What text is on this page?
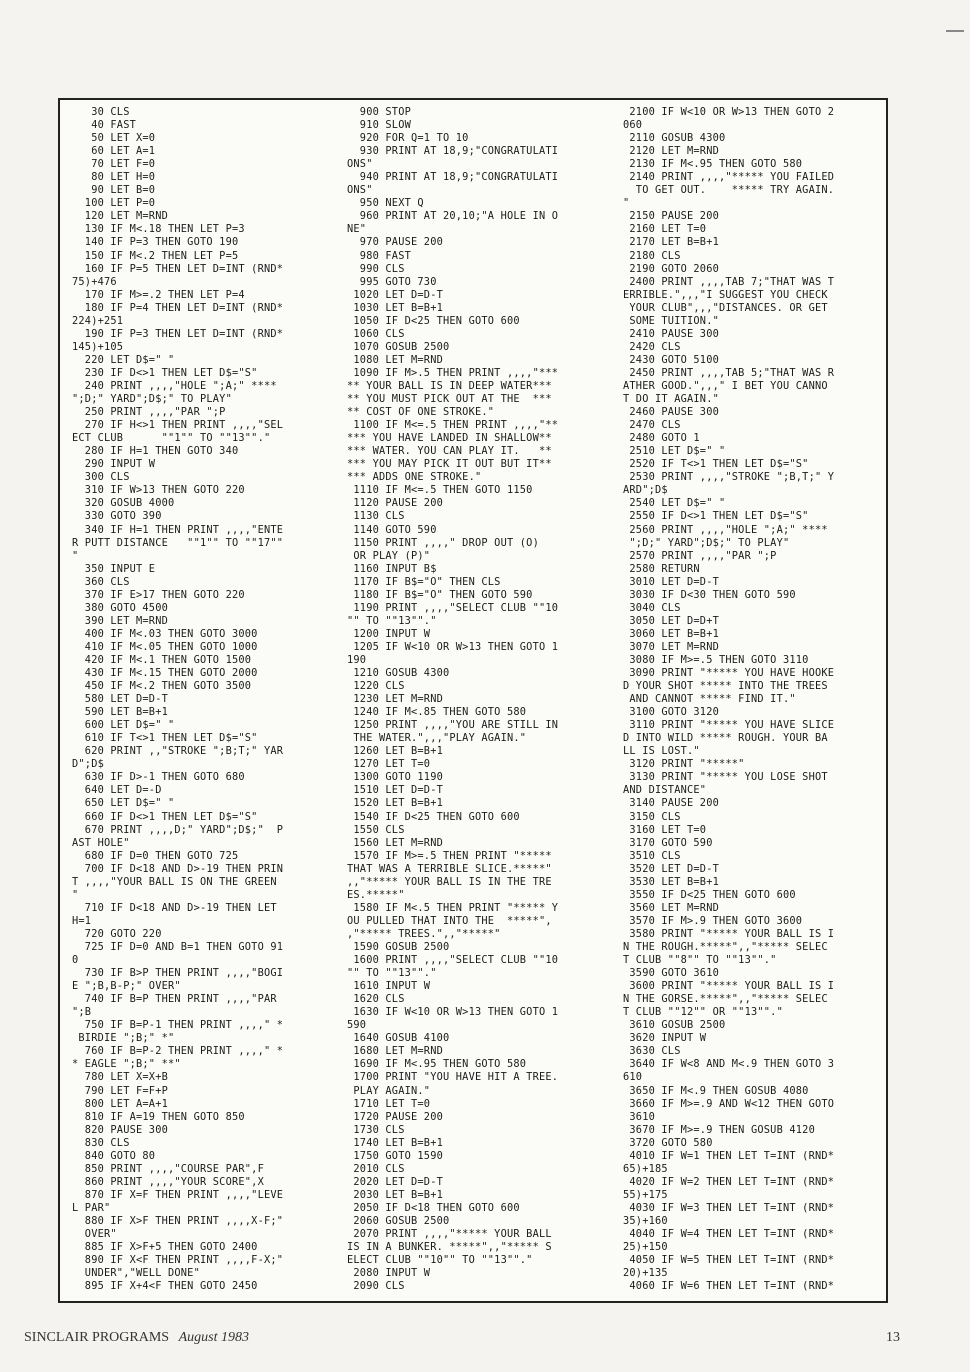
30 CLS
40 FAST
50 LET X=0
60 LET A=1
70 LET F=0
80 LET H=0
90 LET B=0
100 LET P=0
120 LET M=RND
130 IF M<.18 THEN LET P=3
140 IF P=3 THEN GOTO 190
150 IF M<.2 THEN LET P=5
160 IF P=5 THEN LET D=INT (RND*
75)+476
170 IF M>=.2 THEN LET P=4
180 IF P=4 THEN LET D=INT (RND*
224)+251
190 IF P=3 THEN LET D=INT (RND*
145)+105
220 LET D$=" "
230 IF D<>1 THEN LET D$="S"
240 PRINT ,,,,"HOLE ";A;" ****
";D;" YARD";D$;" TO PLAY"
250 PRINT ,,,,"PAR ";P
270 IF H<>1 THEN PRINT ,,,,"SEL
ECT CLUB      ""1"" TO ""13""."
280 IF H=1 THEN GOTO 340
290 INPUT W
300 CLS
310 IF W>13 THEN GOTO 220
320 GOSUB 4000
330 GOTO 390
340 IF H=1 THEN PRINT ,,,,"ENTE
R PUTT DISTANCE   ""1"" TO ""17""
"
350 INPUT E
360 CLS
370 IF E>17 THEN GOTO 220
380 GOTO 4500
390 LET M=RND
400 IF M<.03 THEN GOTO 3000
410 IF M<.05 THEN GOTO 1000
420 IF M<.1 THEN GOTO 1500
430 IF M<.15 THEN GOTO 2000
450 IF M<.2 THEN GOTO 3500
580 LET D=D-T
590 LET B=B+1
600 LET D$=" "
610 IF T<>1 THEN LET D$="S"
620 PRINT ,,"STROKE ";B;T;" YAR
D";D$
630 IF D>-1 THEN GOTO 680
640 LET D=-D
650 LET D$=" "
660 IF D<>1 THEN LET D$="S"
670 PRINT ,,,,D;" YARD";D$;"  P
AST HOLE"
680 IF D=0 THEN GOTO 725
700 IF D<18 AND D>-19 THEN PRIN
T ,,,,"YOUR BALL IS ON THE GREEN
"
710 IF D<18 AND D>-19 THEN LET
H=1
720 GOTO 220
725 IF D=0 AND B=1 THEN GOTO 91
0
730 IF B>P THEN PRINT ,,,,"BOGI
E ";B,B-P;" OVER"
740 IF B=P THEN PRINT ,,,,"PAR
";B
750 IF B=P-1 THEN PRINT ,,,," *
BIRDIE ";B;" *"
760 IF B=P-2 THEN PRINT ,,,," *
* EAGLE ";B;" **"
780 LET X=X+B
790 LET F=F+P
800 LET A=A+1
810 IF A=19 THEN GOTO 850
820 PAUSE 300
830 CLS
840 GOTO 80
850 PRINT ,,,,"COURSE PAR",F
860 PRINT ,,,,"YOUR SCORE",X
870 IF X=F THEN PRINT ,,,,"LEVE
L PAR"
880 IF X>F THEN PRINT ,,,,X-F;"
OVER"
885 IF X>F+5 THEN GOTO 2400
890 IF X<F THEN PRINT ,,,,F-X;"
UNDER","WELL DONE"
895 IF X+4<F THEN GOTO 2450
900 STOP
910 SLOW
920 FOR Q=1 TO 10
930 PRINT AT 18,9;"CONGRATULATI
ONS"
940 PRINT AT 18,9;"CONGRATULATI
ONS"
950 NEXT Q
960 PRINT AT 20,10;"A HOLE IN O
NE"
970 PAUSE 200
980 FAST
990 CLS
995 GOTO 730
1020 LET D=D-T
1030 LET B=B+1
1050 IF D<25 THEN GOTO 600
1060 CLS
1070 GOSUB 2500
1080 LET M=RND
1090 IF M>.5 THEN PRINT ,,,,"***
** YOUR BALL IS IN DEEP WATER***
** YOU MUST PICK OUT AT THE  ***
** COST OF ONE STROKE."
1100 IF M<=.5 THEN PRINT ,,,,"**
*** YOU HAVE LANDED IN SHALLOW**
*** WATER. YOU CAN PLAY IT.   **
*** YOU MAY PICK IT OUT BUT IT**
*** ADDS ONE STROKE."
1110 IF M<=.5 THEN GOTO 1150
1120 PAUSE 200
1130 CLS
1140 GOTO 590
1150 PRINT ,,,," DROP OUT (O)
OR PLAY (P)"
1160 INPUT B$
1170 IF B$="O" THEN CLS
1180 IF B$="O" THEN GOTO 590
1190 PRINT ,,,,"SELECT CLUB ""10
"" TO ""13""."
1200 INPUT W
1205 IF W<10 OR W>13 THEN GOTO 1
190
1210 GOSUB 4300
1220 CLS
1230 LET M=RND
1240 IF M<.85 THEN GOTO 580
1250 PRINT ,,,,"YOU ARE STILL IN
THE WATER.",,,"PLAY AGAIN."
1260 LET B=B+1
1270 LET T=0
1300 GOTO 1190
1510 LET D=D-T
1520 LET B=B+1
1540 IF D<25 THEN GOTO 600
1550 CLS
1560 LET M=RND
1570 IF M>=.5 THEN PRINT "*****
THAT WAS A TERRIBLE SLICE.*****"
,,"***** YOUR BALL IS IN THE TRE
ES.*****"
1580 IF M<.5 THEN PRINT "***** Y
OU PULLED THAT INTO THE  *****",
,"***** TREES.",,"*****"
1590 GOSUB 2500
1600 PRINT ,,,,"SELECT CLUB ""10
"" TO ""13""."
1610 INPUT W
1620 CLS
1630 IF W<10 OR W>13 THEN GOTO 1
590
1640 GOSUB 4100
1680 LET M=RND
1690 IF M<.95 THEN GOTO 580
1700 PRINT "YOU HAVE HIT A TREE.
PLAY AGAIN."
1710 LET T=0
1720 PAUSE 200
1730 CLS
1740 LET B=B+1
1750 GOTO 1590
2010 CLS
2020 LET D=D-T
2030 LET B=B+1
2050 IF D<18 THEN GOTO 600
2060 GOSUB 2500
2070 PRINT ,,,,"***** YOUR BALL
IS IN A BUNKER. *****",,"***** S
ELECT CLUB ""10"" TO ""13""."
2080 INPUT W
2090 CLS
2100 IF W<10 OR W>13 THEN GOTO 2
060
2110 GOSUB 4300
2120 LET M=RND
2130 IF M<.95 THEN GOTO 580
2140 PRINT ,,,,"***** YOU FAILED
TO GET OUT.    ***** TRY AGAIN.
"
2150 PAUSE 200
2160 LET T=0
2170 LET B=B+1
2180 CLS
2190 GOTO 2060
2400 PRINT ,,,,TAB 7;"THAT WAS T
ERRIBLE.",,,"I SUGGEST YOU CHECK
YOUR CLUB",,,"DISTANCES. OR GET
SOME TUITION."
2410 PAUSE 300
2420 CLS
2430 GOTO 5100
2450 PRINT ,,,,TAB 5;"THAT WAS R
ATHER GOOD.",,," I BET YOU CANNO
T DO IT AGAIN."
2460 PAUSE 300
2470 CLS
2480 GOTO 1
2510 LET D$=" "
2520 IF T<>1 THEN LET D$="S"
2530 PRINT ,,,,"STROKE ";B,T;" Y
ARD";D$
2540 LET D$=" "
2550 IF D<>1 THEN LET D$="S"
2560 PRINT ,,,,"HOLE ";A;" ****
";D;" YARD";D$;" TO PLAY"
2570 PRINT ,,,,"PAR ";P
2580 RETURN
3010 LET D=D-T
3030 IF D<30 THEN GOTO 590
3040 CLS
3050 LET D=D+T
3060 LET B=B+1
3070 LET M=RND
3080 IF M>=.5 THEN GOTO 3110
3090 PRINT "***** YOU HAVE HOOKE
D YOUR SHOT ***** INTO THE TREES
AND CANNOT ***** FIND IT."
3100 GOTO 3120
3110 PRINT "***** YOU HAVE SLICE
D INTO WILD ***** ROUGH. YOUR BA
LL IS LOST."
3120 PRINT "*****"
3130 PRINT "***** YOU LOSE SHOT
AND DISTANCE"
3140 PAUSE 200
3150 CLS
3160 LET T=0
3170 GOTO 590
3510 CLS
3520 LET D=D-T
3530 LET B=B+1
3550 IF D<25 THEN GOTO 600
3560 LET M=RND
3570 IF M>.9 THEN GOTO 3600
3580 PRINT "***** YOUR BALL IS I
N THE ROUGH.*****",,"***** SELEC
T CLUB ""8"" TO ""13""."
3590 GOTO 3610
3600 PRINT "***** YOUR BALL IS I
N THE GORSE.*****",,"***** SELEC
T CLUB ""12"" OR ""13""."
3610 GOSUB 2500
3620 INPUT W
3630 CLS
3640 IF W<8 AND M<.9 THEN GOTO 3
610
3650 IF M<.9 THEN GOSUB 4080
3660 IF M>=.9 AND W<12 THEN GOTO
3610
3670 IF M>=.9 THEN GOSUB 4120
3720 GOTO 580
4010 IF W=1 THEN LET T=INT (RND*
65)+185
4020 IF W=2 THEN LET T=INT (RND*
55)+175
4030 IF W=3 THEN LET T=INT (RND*
35)+160
4040 IF W=4 THEN LET T=INT (RND*
25)+150
4050 IF W=5 THEN LET T=INT (RND*
20)+135
4060 IF W=6 THEN LET T=INT (RND*
SINCLAIR PROGRAMS August 1983	13
